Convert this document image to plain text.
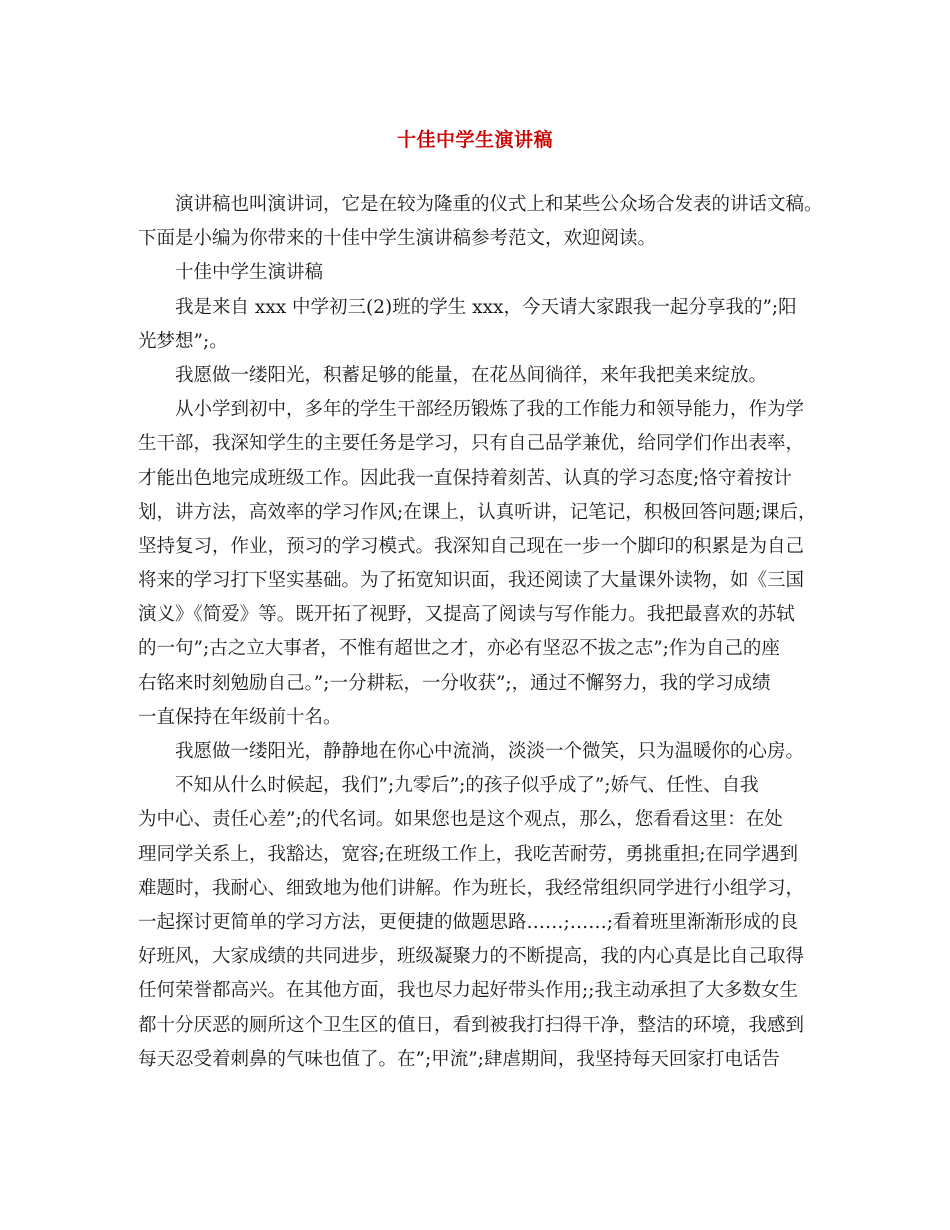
十佳中学生演讲稿
演讲稿也叫演讲词，它是在较为隆重的仪式上和某些公众场合发表的讲话文稿。
下面是小编为你带来的十佳中学生演讲稿参考范文，欢迎阅读。
十佳中学生演讲稿
我是来自 xxx 中学初三(2)班的学生 xxx，今天请大家跟我一起分享我的”;阳
光梦想”;。
我愿做一缕阳光，积蓄足够的能量，在花丛间徜徉，来年我把美来绽放。
从小学到初中，多年的学生干部经历锻炼了我的工作能力和领导能力，作为学
生干部，我深知学生的主要任务是学习，只有自己品学兼优，给同学们作出表率，
才能出色地完成班级工作。因此我一直保持着刻苦、认真的学习态度;恪守着按计
划，讲方法，高效率的学习作风;在课上，认真听讲，记笔记，积极回答问题;课后，
坚持复习，作业，预习的学习模式。我深知自己现在一步一个脚印的积累是为自己
将来的学习打下坚实基础。为了拓宽知识面，我还阅读了大量课外读物，如《三国
演义》《简爱》等。既开拓了视野，又提高了阅读与写作能力。我把最喜欢的苏轼
的一句”;古之立大事者，不惟有超世之才，亦必有坚忍不拔之志”;作为自己的座
右铭来时刻勉励自己。”;一分耕耘，一分收获”;，通过不懈努力，我的学习成绩
一直保持在年级前十名。
我愿做一缕阳光，静静地在你心中流淌，淡淡一个微笑，只为温暖你的心房。
不知从什么时候起，我们”;九零后”;的孩子似乎成了”;娇气、任性、自我
为中心、责任心差”;的代名词。如果您也是这个观点，那么，您看看这里：在处
理同学关系上，我豁达，宽容;在班级工作上，我吃苦耐劳，勇挑重担;在同学遇到
难题时，我耐心、细致地为他们讲解。作为班长，我经常组织同学进行小组学习，
一起探讨更简单的学习方法，更便捷的做题思路……;……;看着班里渐渐形成的良
好班风，大家成绩的共同进步，班级凝聚力的不断提高，我的内心真是比自己取得
任何荣誉都高兴。在其他方面，我也尽力起好带头作用;;我主动承担了大多数女生
都十分厌恶的厕所这个卫生区的值日，看到被我打扫得干净，整洁的环境，我感到
每天忍受着刺鼻的气味也值了。在”;甲流”;肆虐期间，我坚持每天回家打电话告
